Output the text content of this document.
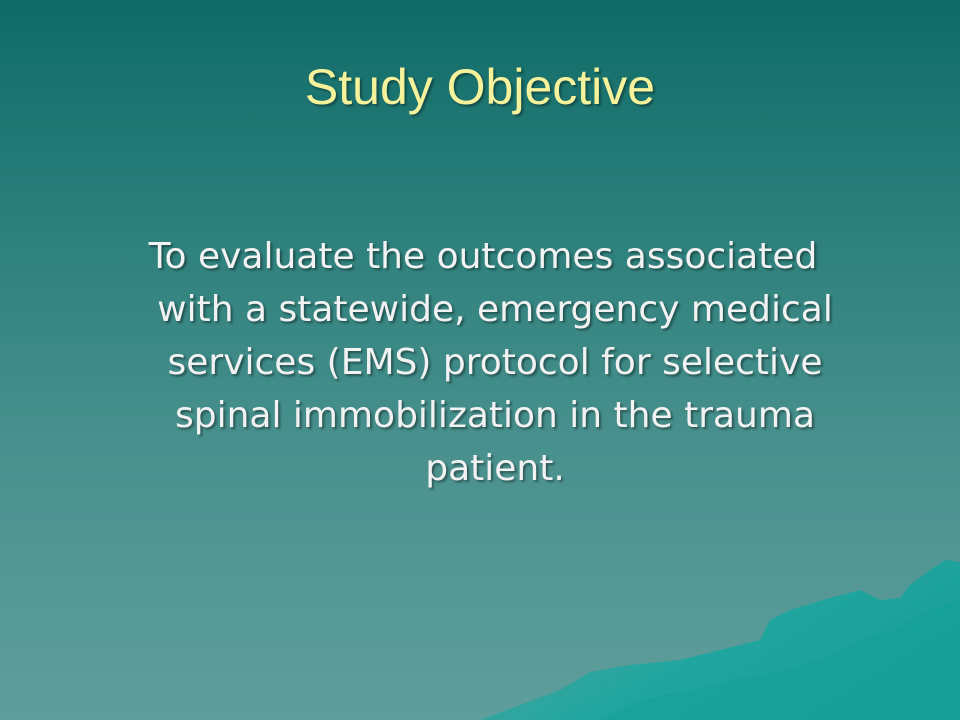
Study Objective
To evaluate the outcomes associated with a statewide, emergency medical services (EMS) protocol for selective spinal immobilization in the trauma patient.
